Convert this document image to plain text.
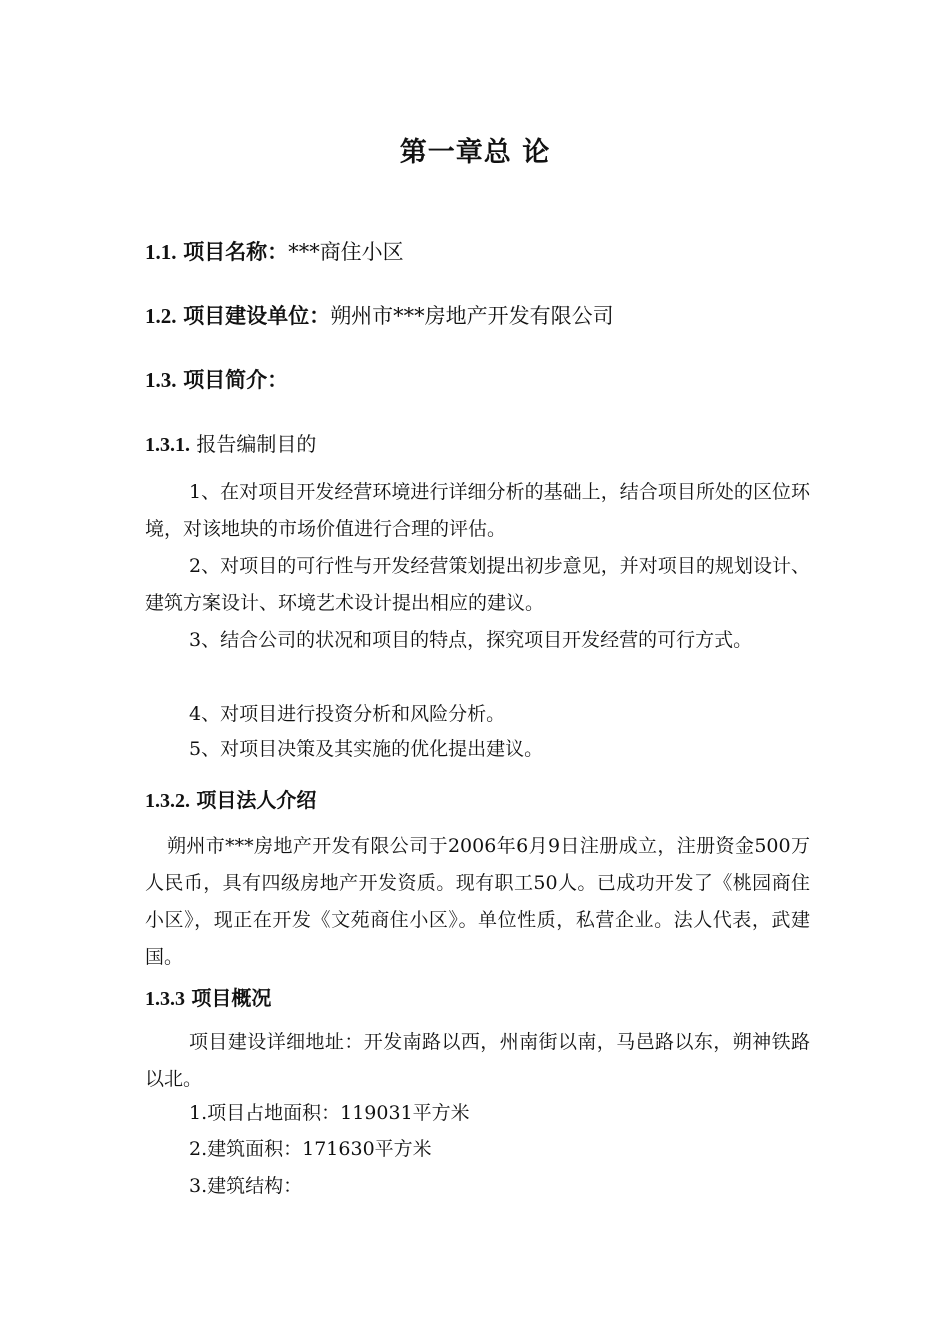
第一章总 论
1.1. 项目名称：***商住小区
1.2. 项目建设单位：朔州市***房地产开发有限公司
1.3. 项目简介：
1.3.1. 报告编制目的
1、在对项目开发经营环境进行详细分析的基础上，结合项目所处的区位环境，对该地块的市场价值进行合理的评估。
2、对项目的可行性与开发经营策划提出初步意见，并对项目的规划设计、建筑方案设计、环境艺术设计提出相应的建议。
3、结合公司的状况和项目的特点，探究项目开发经营的可行方式。
4、对项目进行投资分析和风险分析。
5、对项目决策及其实施的优化提出建议。
1.3.2. 项目法人介绍
朔州市***房地产开发有限公司于2006年6月9日注册成立，注册资金500万人民币，具有四级房地产开发资质。现有职工50人。已成功开发了《桃园商住小区》，现正在开发《文苑商住小区》。单位性质，私营企业。法人代表，武建国。
1.3.3 项目概况
项目建设详细地址：开发南路以西，州南街以南，马邑路以东，朔神铁路以北。
1.项目占地面积：119031平方米
2.建筑面积：171630平方米
3.建筑结构：
